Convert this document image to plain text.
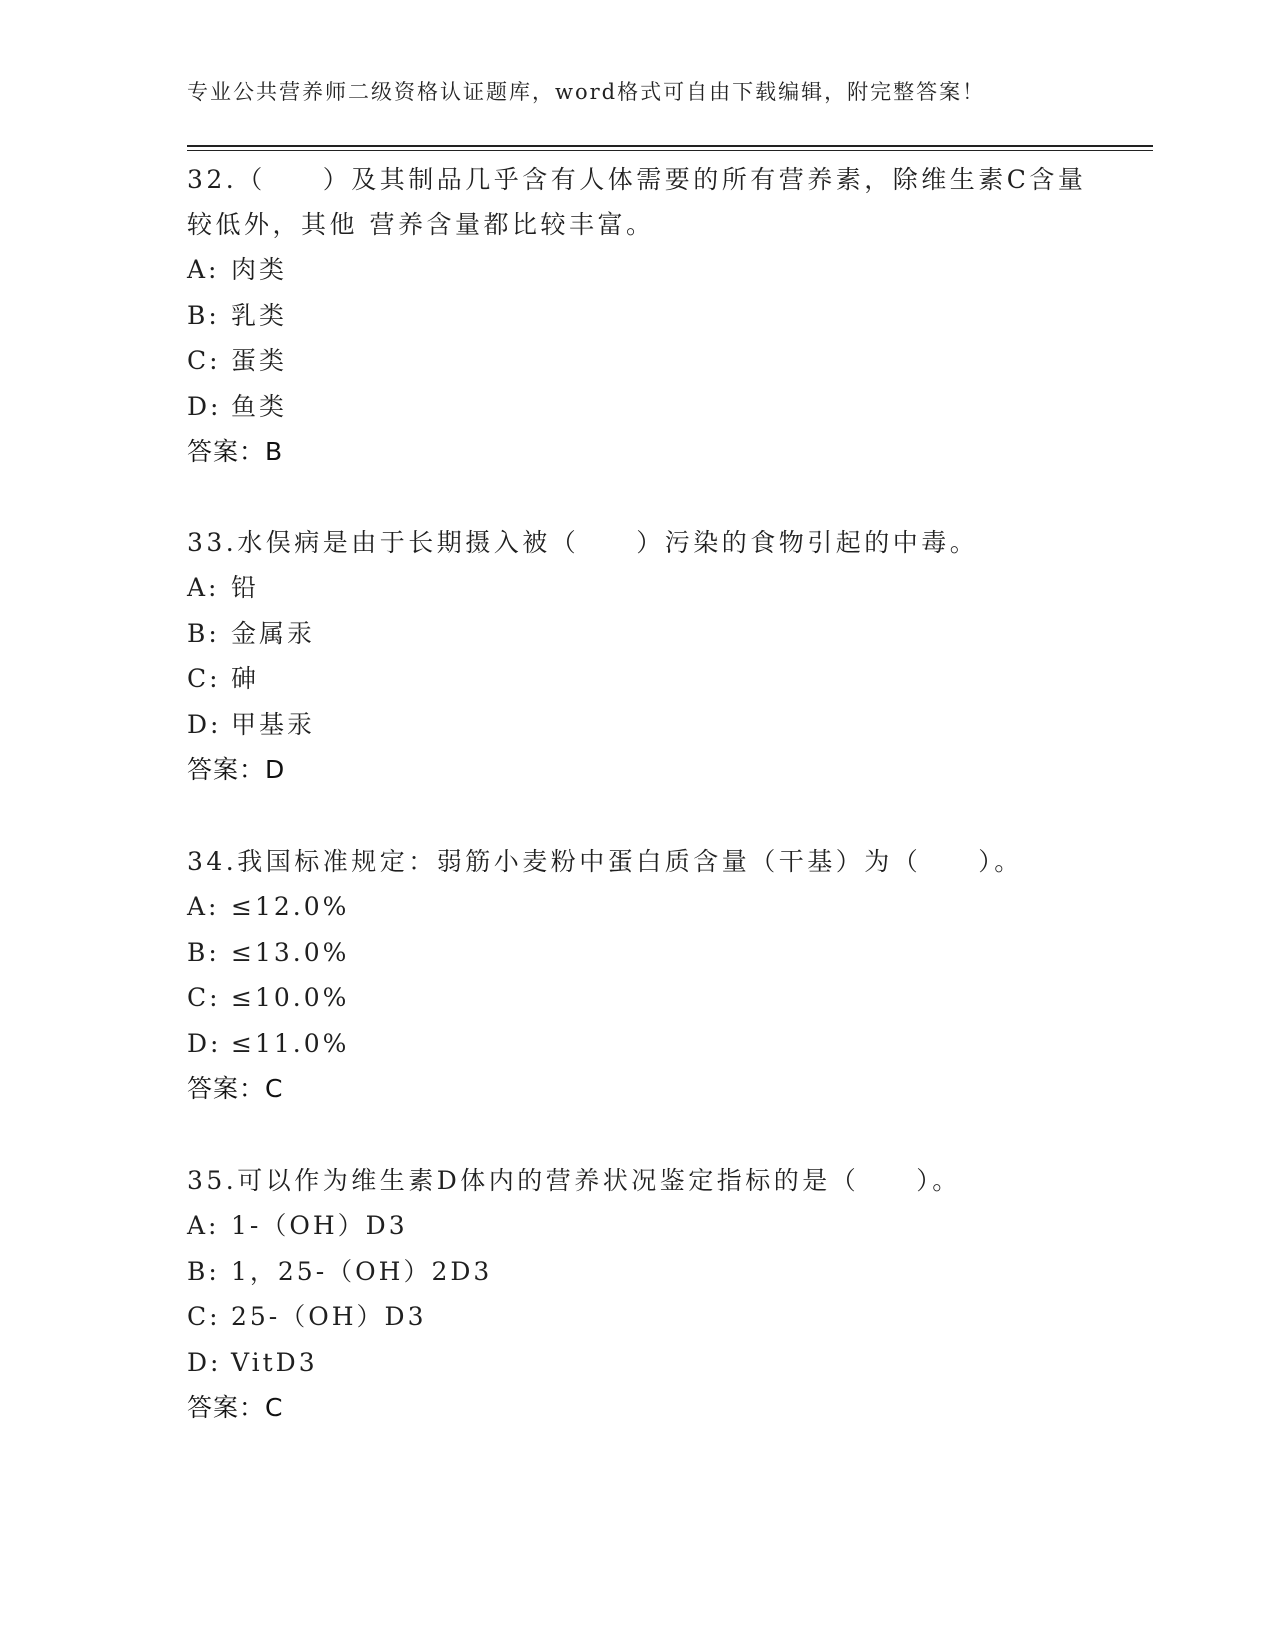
专业公共营养师二级资格认证题库，word格式可自由下载编辑，附完整答案！

32.（　　）及其制品几乎含有人体需要的所有营养素，除维生素C含量较低外，其他 营养含量都比较丰富。

A: 肉类
B: 乳类
C: 蛋类
D: 鱼类
答案：B

33.水俣病是由于长期摄入被（　　）污染的食物引起的中毒。

A: 铅
B: 金属汞
C: 砷
D: 甲基汞
答案：D

34.我国标准规定：弱筋小麦粉中蛋白质含量（干基）为（　　）。

A: ≤12.0%
B: ≤13.0%
C: ≤10.0%
D: ≤11.0%
答案：C

35.可以作为维生素D体内的营养状况鉴定指标的是（　　）。

A: 1-（OH）D3
B: 1，25-（OH）2D3
C: 25-（OH）D3
D: VitD3
答案：C
